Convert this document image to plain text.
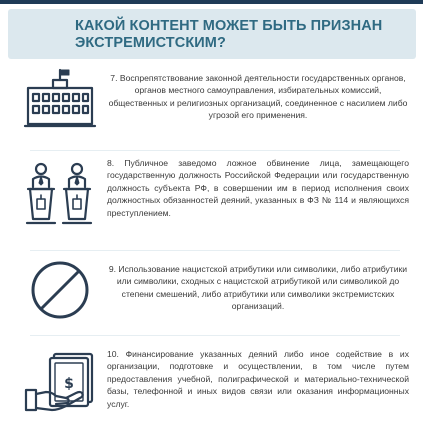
КАКОЙ КОНТЕНТ МОЖЕТ БЫТЬ ПРИЗНАН ЭКСТРЕМИСТСКИМ?
7. Воспрепятствование законной деятельности государственных органов, органов местного самоуправления, избирательных комиссий, общественных и религиозных организаций, соединенное с насилием либо угрозой его применения.
8. Публичное заведомо ложное обвинение лица, замещающего государственную должность Российской Федерации или государственную должность субъекта РФ, в совершении им в период исполнения своих должностных обязанностей деяний, указанных в ФЗ № 114 и являющихся преступлением.
9. Использование нацистской атрибутики или символики, либо атрибутики или символики, сходных с нацистской атрибутикой или символикой до степени смешений, либо атрибутики или символики экстремистских организаций.
$
10. Финансирование указанных деяний либо иное содействие в их организации, подготовке и осуществлении, в том числе путем предоставления учебной, полиграфической и материально-технической базы, телефонной и иных видов связи или оказания информационных услуг.
